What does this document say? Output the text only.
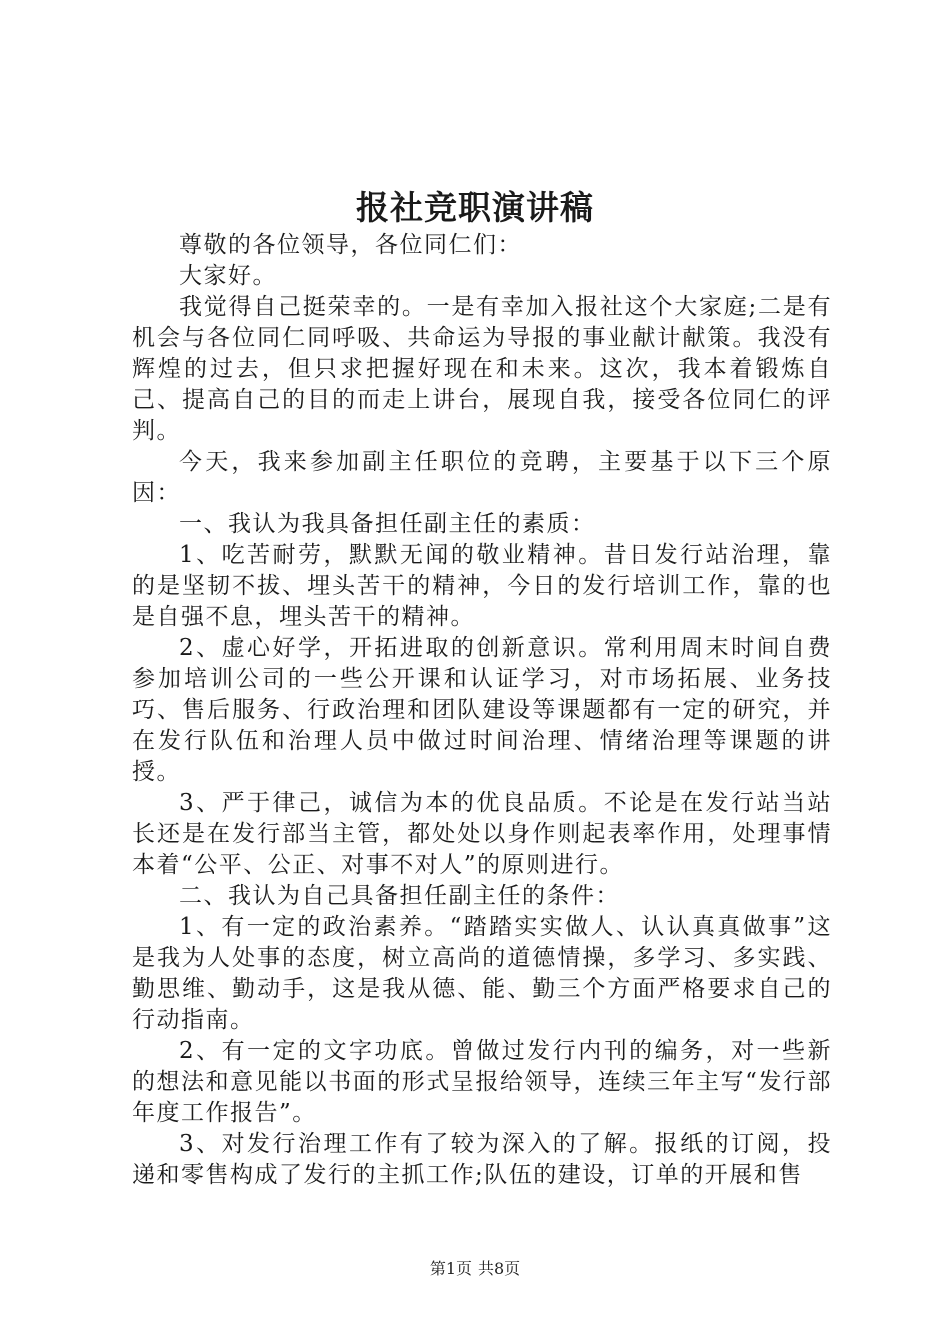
报社竞职演讲稿

尊敬的各位领导，各位同仁们：

大家好。

我觉得自己挺荣幸的。一是有幸加入报社这个大家庭;二是有机会与各位同仁同呼吸、共命运为导报的事业献计献策。我没有辉煌的过去，但只求把握好现在和未来。这次，我本着锻炼自己、提高自己的目的而走上讲台，展现自我，接受各位同仁的评判。

今天，我来参加副主任职位的竞聘，主要基于以下三个原因：

一、我认为我具备担任副主任的素质：

1、吃苦耐劳，默默无闻的敬业精神。昔日发行站治理，靠的是坚韧不拔、埋头苦干的精神，今日的发行培训工作，靠的也是自强不息，埋头苦干的精神。

2、虚心好学，开拓进取的创新意识。常利用周末时间自费参加培训公司的一些公开课和认证学习，对市场拓展、业务技巧、售后服务、行政治理和团队建设等课题都有一定的研究，并在发行队伍和治理人员中做过时间治理、情绪治理等课题的讲授。

3、严于律己，诚信为本的优良品质。不论是在发行站当站长还是在发行部当主管，都处处以身作则起表率作用，处理事情本着“公平、公正、对事不对人”的原则进行。

二、我认为自己具备担任副主任的条件：

1、有一定的政治素养。“踏踏实实做人、认认真真做事”这是我为人处事的态度，树立高尚的道德情操，多学习、多实践、勤思维、勤动手，这是我从德、能、勤三个方面严格要求自己的行动指南。

2、有一定的文字功底。曾做过发行内刊的编务，对一些新的想法和意见能以书面的形式呈报给领导，连续三年主写“发行部年度工作报告”。

3、对发行治理工作有了较为深入的了解。报纸的订阅，投递和零售构成了发行的主抓工作;队伍的建设，订单的开展和售

第1页 共8页
